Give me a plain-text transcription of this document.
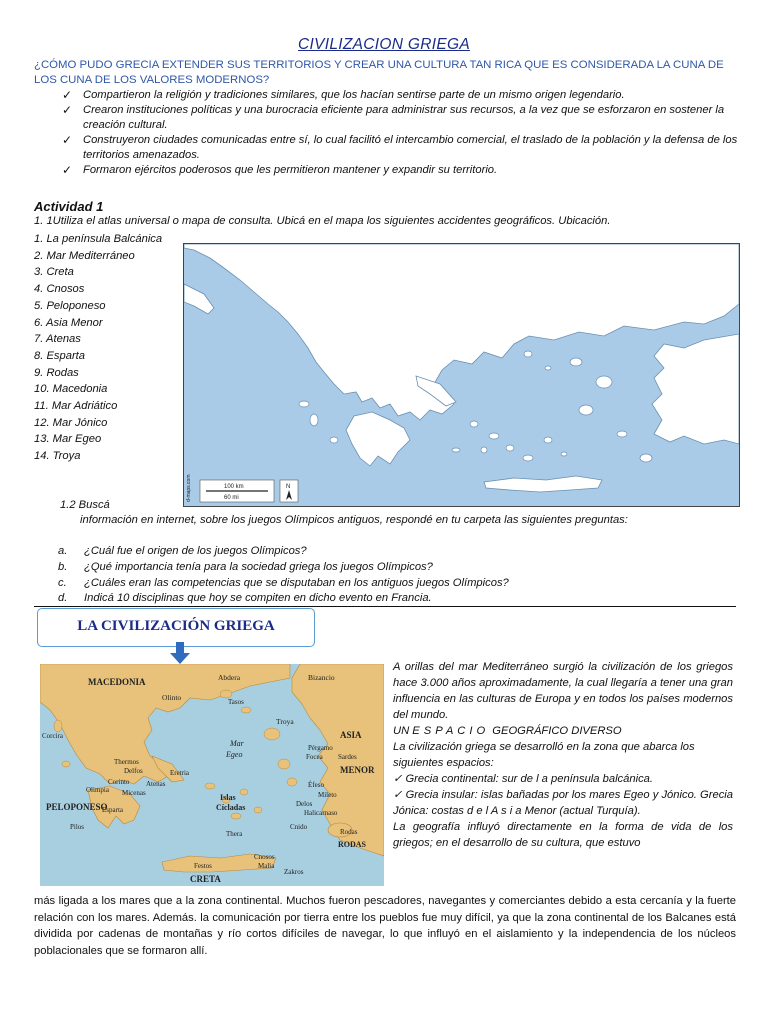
CIVILIZACION GRIEGA
¿CÓMO PUDO GRECIA EXTENDER SUS TERRITORIOS Y CREAR UNA CULTURA TAN RICA QUE ES CONSIDERADA LA CUNA DE LOS CUNA DE LOS VALORES MODERNOS?
✓ Compartieron la religión y tradiciones similares, que los hacían sentirse parte de un mismo origen legendario.
✓ Crearon instituciones políticas y una burocracia eficiente para administrar sus recursos, a la vez que se esforzaron en sostener la creación cultural.
✓ Construyeron ciudades comunicadas entre sí, lo cual facilitó el intercambio comercial, el traslado de la población y la defensa de los territorios amenazados.
✓ Formaron ejércitos poderosos que les permitieron mantener y expandir su territorio.
Actividad 1
1. 1Utiliza el atlas universal o mapa de consulta. Ubicá en el mapa los siguientes accidentes geográficos. Ubicación.
1. La península Balcánica
2. Mar Mediterráneo
3. Creta
4. Cnosos
5. Peloponeso
6. Asia Menor
7. Atenas
8. Esparta
9. Rodas
10. Macedonia
11. Mar Adriático
12. Mar Jónico
13. Mar Egeo
14. Troya
100 km
60 mi
N
d-maps.com
1.2 Buscá
información en internet, sobre los juegos Olímpicos antiguos, respondé en tu carpeta las siguientes preguntas:
a. ¿Cuál fue el origen de los juegos Olímpicos?
b. ¿Qué importancia tenía para la sociedad griega los juegos Olímpicos?
c. ¿Cuáles eran las competencias que se disputaban en los antiguos juegos Olímpicos?
d. Indicá 10 disciplinas que hoy se compiten en dicho evento en Francia.
LA CIVILIZACIÓN GRIEGA
MACEDONIA	Abdera	Bizancio
Olinto	Tasos
Troya
Corcira
Mar
Egeo
ASIA
Pérgamo
Focea Sardes
MENOR
Thermos
Delfos	Eretria
Atenas
Corinto
Olimpia Micenas
PELOPONESO
Esparta
Islas
Cícladas
Éfeso
Mileto
Delos
Halicarnaso
Pilos
Thera
Cnido
Rodas
RODAS
Cnosos
Festos	Malia
Zakros
CRETA
A orillas del mar Mediterráneo surgió la civilización de los griegos hace 3.000 años aproximadamente, la cual llegaría a tener una gran influencia en las culturas de Europa y en todos los países modernos del mundo.
UN ESPACIO GEOGRÁFICO DIVERSO
La civilización griega se desarrolló en la zona que abarca los siguientes espacios:
✓ Grecia continental: sur de l a península balcánica.
✓ Grecia insular: islas bañadas por los mares Egeo y Jónico. Grecia Jónica: costas d e l A s i a Menor (actual Turquía).
La geografía influyó directamente en la forma de vida de los griegos; en el desarrollo de su cultura, que estuvo
más ligada a los mares que a la zona continental. Muchos fueron pescadores, navegantes y comerciantes debido a esta cercanía y la fuerte relación con los mares. Además. la comunicación por tierra entre los pueblos fue muy difícil, ya que la zona continental de los Balcanes está dividida por cadenas de montañas y río cortos difíciles de navegar, lo que influyó en el aislamiento y la independencia de los núcleos poblacionales que se formaron allí.
